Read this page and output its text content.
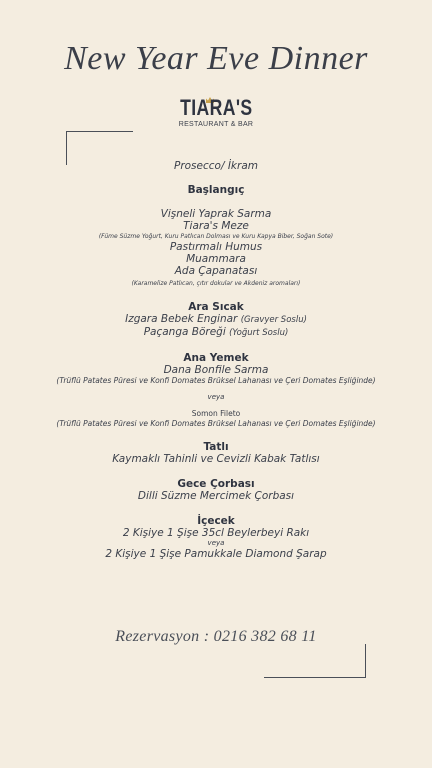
New Year Eve Dinner
TIARA'S
RESTAURANT & BAR
Prosecco/ İkram
Başlangıç
Vişneli Yaprak Sarma
Tiara's Meze
(Füme Süzme Yoğurt, Kuru Patlıcan Dolması ve Kuru Kapya Biber, Soğan Sote)
Pastırmalı Humus
Muammara
Ada Çapanatası
(Karamelize Patlıcan, çıtır dokular ve Akdeniz aromaları)
Ara Sıcak
Izgara Bebek Enginar (Gravyer Soslu)
Paçanga Böreği (Yoğurt Soslu)
Ana Yemek
Dana Bonfile Sarma
(Trüflü Patates Püresi ve Konfi Domates Brüksel Lahanası ve Çeri Domates Eşliğinde)
veya
Somon Fileto
(Trüflü Patates Püresi ve Konfi Domates Brüksel Lahanası ve Çeri Domates Eşliğinde)
Tatlı
Kaymaklı Tahinli ve Cevizli Kabak Tatlısı
Gece Çorbası
Dilli Süzme Mercimek Çorbası
İçecek
2 Kişiye 1 Şişe 35cl Beylerbeyi Rakı
veya
2 Kişiye 1 Şişe Pamukkale Diamond Şarap
Rezervasyon : 0216 382 68 11
